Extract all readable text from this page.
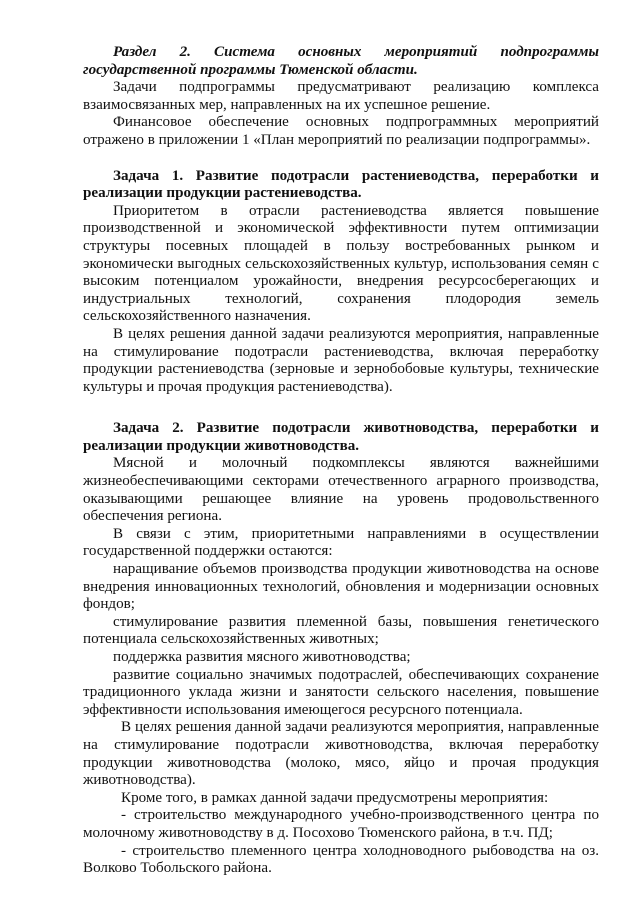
Раздел 2. Система основных мероприятий подпрограммы государственной программы Тюменской области.

Задачи подпрограммы предусматривают реализацию комплекса взаимосвязанных мер, направленных на их успешное решение.

Финансовое обеспечение основных подпрограммных мероприятий отражено в приложении 1 «План мероприятий по реализации подпрограммы».

Задача 1. Развитие подотрасли растениеводства, переработки и реализации продукции растениеводства.

Приоритетом в отрасли растениеводства является повышение производственной и экономической эффективности путем оптимизации структуры посевных площадей в пользу востребованных рынком и экономически выгодных сельскохозяйственных культур, использования семян с высоким потенциалом урожайности, внедрения ресурсосберегающих и индустриальных технологий, сохранения плодородия земель сельскохозяйственного назначения.

В целях решения данной задачи реализуются мероприятия, направленные на стимулирование подотрасли растениеводства, включая переработку продукции растениеводства (зерновые и зернобобовые культуры, технические культуры и прочая продукция растениеводства).

Задача 2. Развитие подотрасли животноводства, переработки и реализации продукции животноводства.

Мясной и молочный подкомплексы являются важнейшими жизнеобеспечивающими секторами отечественного аграрного производства, оказывающими решающее влияние на уровень продовольственного обеспечения региона.

В связи с этим, приоритетными направлениями в осуществлении государственной поддержки остаются:

наращивание объемов производства продукции животноводства на основе внедрения инновационных технологий, обновления и модернизации основных фондов;

стимулирование развития племенной базы, повышения генетического потенциала сельскохозяйственных животных;

поддержка развития мясного животноводства;

развитие социально значимых подотраслей, обеспечивающих сохранение традиционного уклада жизни и занятости сельского населения, повышение эффективности использования имеющегося ресурсного потенциала.

В целях решения данной задачи реализуются мероприятия, направленные на стимулирование подотрасли животноводства, включая переработку продукции животноводства (молоко, мясо, яйцо и прочая продукция животноводства).

Кроме того, в рамках данной задачи предусмотрены мероприятия:

- строительство международного учебно-производственного центра по молочному животноводству в д. Посохово Тюменского района, в т.ч. ПД;

- строительство племенного центра холодноводного рыбоводства на оз. Волково Тобольского района.
